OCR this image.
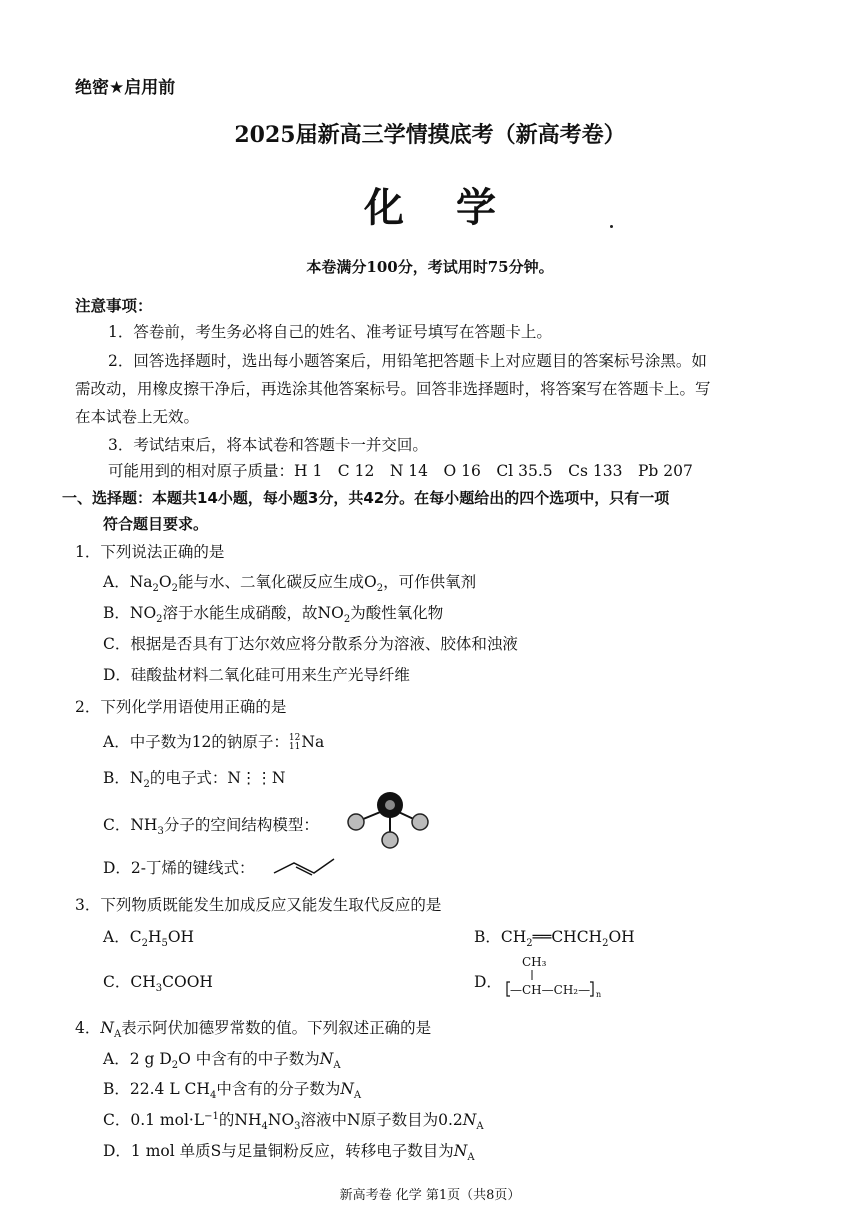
绝密★启用前
2025届新高三学情摸底考（新高考卷）
化学
本卷满分100分，考试用时75分钟。
注意事项：
1．答卷前，考生务必将自己的姓名、准考证号填写在答题卡上。
2．回答选择题时，选出每小题答案后，用铅笔把答题卡上对应题目的答案标号涂黑。如
需改动，用橡皮擦干净后，再选涂其他答案标号。回答非选择题时，将答案写在答题卡上。写
在本试卷上无效。
3．考试结束后，将本试卷和答题卡一并交回。
可能用到的相对原子质量：H 1　C 12　N 14　O 16　Cl 35.5　Cs 133　Pb 207
一、选择题：本题共14小题，每小题3分，共42分。在每小题给出的四个选项中，只有一项
符合题目要求。
1．下列说法正确的是
A．$Na_2O_2$能与水、二氧化碳反应生成$O_2$，可作供氧剂
B．$NO_2$溶于水能生成硝酸，故$NO_2$为酸性氧化物
C．根据是否具有丁达尔效应将分散系分为溶液、胶体和浊液
D．硅酸盐材料二氧化硅可用来生产光导纤维
2．下列化学用语使用正确的是
A．中子数为12的钠原子：12
11Na
B．$N_2$的电子式：N⋮⋮N
C．$NH_3$分子的空间结构模型：
D．2-丁烯的键线式：
3．下列物质既能发生加成反应又能发生取代反应的是
A．$C_2H_5OH$	B．$CH_2══CHCH_2OH$
C．$CH_3COOH$	D．
CH₃
—CH—CH₂— n
4．$N_A$表示阿伏加德罗常数的值。下列叙述正确的是
A．2 g $D_2O$ 中含有的中子数为$N_A$
B．22.4 L $CH_4$中含有的分子数为$N_A$
C．0.1 $mol\cdot L^{-1}$的$NH_4NO_3$溶液中N原子数目为$0.2N_A$
D．1 mol 单质S与足量铜粉反应，转移电子数目为$N_A$
新高考卷 化学 第1页（共8页）
